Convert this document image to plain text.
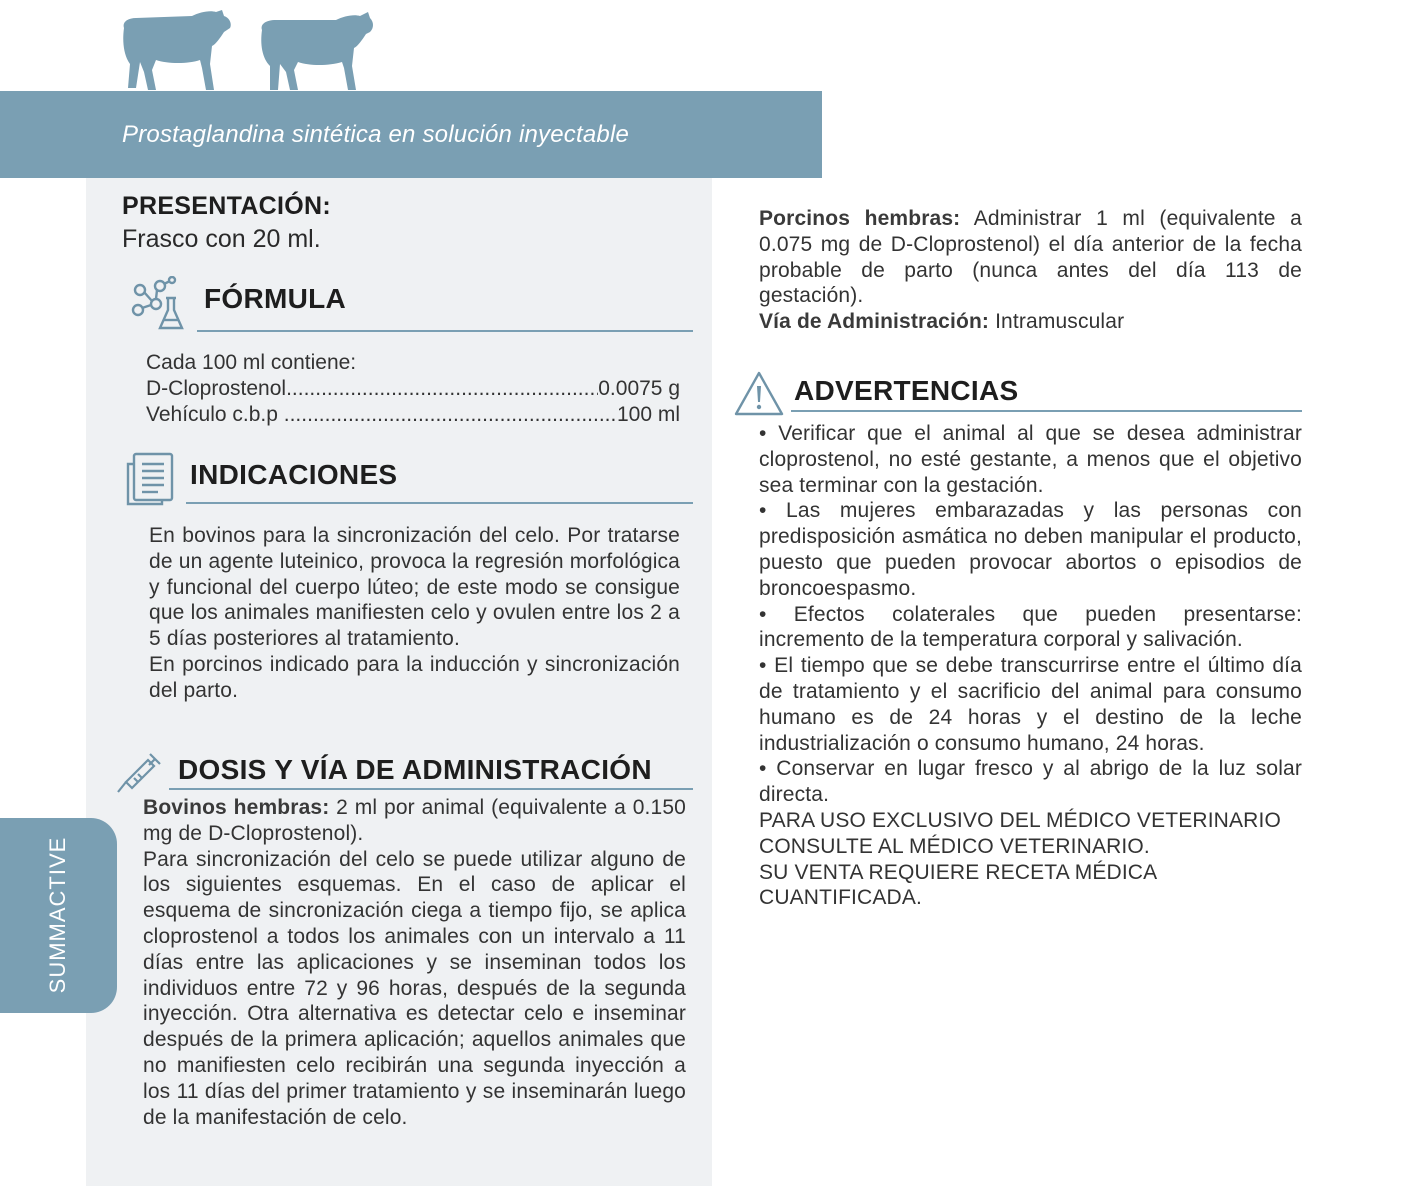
Prostaglandina sintética en solución inyectable
PRESENTACIÓN:
Frasco con 20 ml.
FÓRMULA
Cada 100 ml contiene:
D-Cloprostenol .....	0.0075 g
Vehículo c.b.p .....	100 ml
INDICACIONES

En bovinos para la sincronización del celo. Por tratarse de un agente luteinico, provoca la regresión morfológica y funcional del cuerpo lúteo; de este modo se consigue que los animales manifiesten celo y ovulen entre los 2 a 5 días posteriores al tratamiento.

En porcinos indicado para la inducción y sincronización del parto.

DOSIS Y VÍA DE ADMINISTRACIÓN

Bovinos hembras: 2 ml por animal (equivalente a 0.150 mg de D-Cloprostenol).

Para sincronización del celo se puede utilizar alguno de los siguientes esquemas. En el caso de aplicar el esquema de sincronización ciega a tiempo fijo, se aplica cloprostenol a todos los animales con un intervalo a 11 días entre las aplicaciones y se inseminan todos los individuos entre 72 y 96 horas, después de la segunda inyección. Otra alternativa es detectar celo e inseminar después de la primera aplicación; aquellos animales que no manifiesten celo recibirán una segunda inyección a los 11 días del primer tratamiento y se inseminarán luego de la manifestación de celo.

SUMMACTIVE

Porcinos hembras: Administrar 1 ml (equivalente a 0.075 mg de D-Cloprostenol) el día anterior de la fecha probable de parto (nunca antes del día 113 de gestación).

Vía de Administración: Intramuscular

ADVERTENCIAS

• Verificar que el animal al que se desea administrar cloprostenol, no esté gestante, a menos que el objetivo sea terminar con la gestación.

• Las mujeres embarazadas y las personas con predisposición asmática no deben manipular el producto, puesto que pueden provocar abortos o episodios de broncoespasmo.

• Efectos colaterales que pueden presentarse: incremento de la temperatura corporal y salivación.

• El tiempo que se debe transcurrirse entre el último día de tratamiento y el sacrificio del animal para consumo humano es de 24 horas y el destino de la leche industrialización o consumo humano, 24 horas.

• Conservar en lugar fresco y al abrigo de la luz solar directa.

PARA USO EXCLUSIVO DEL MÉDICO VETERINARIO

CONSULTE AL MÉDICO VETERINARIO.

SU VENTA REQUIERE RECETA MÉDICA CUANTIFICADA.
